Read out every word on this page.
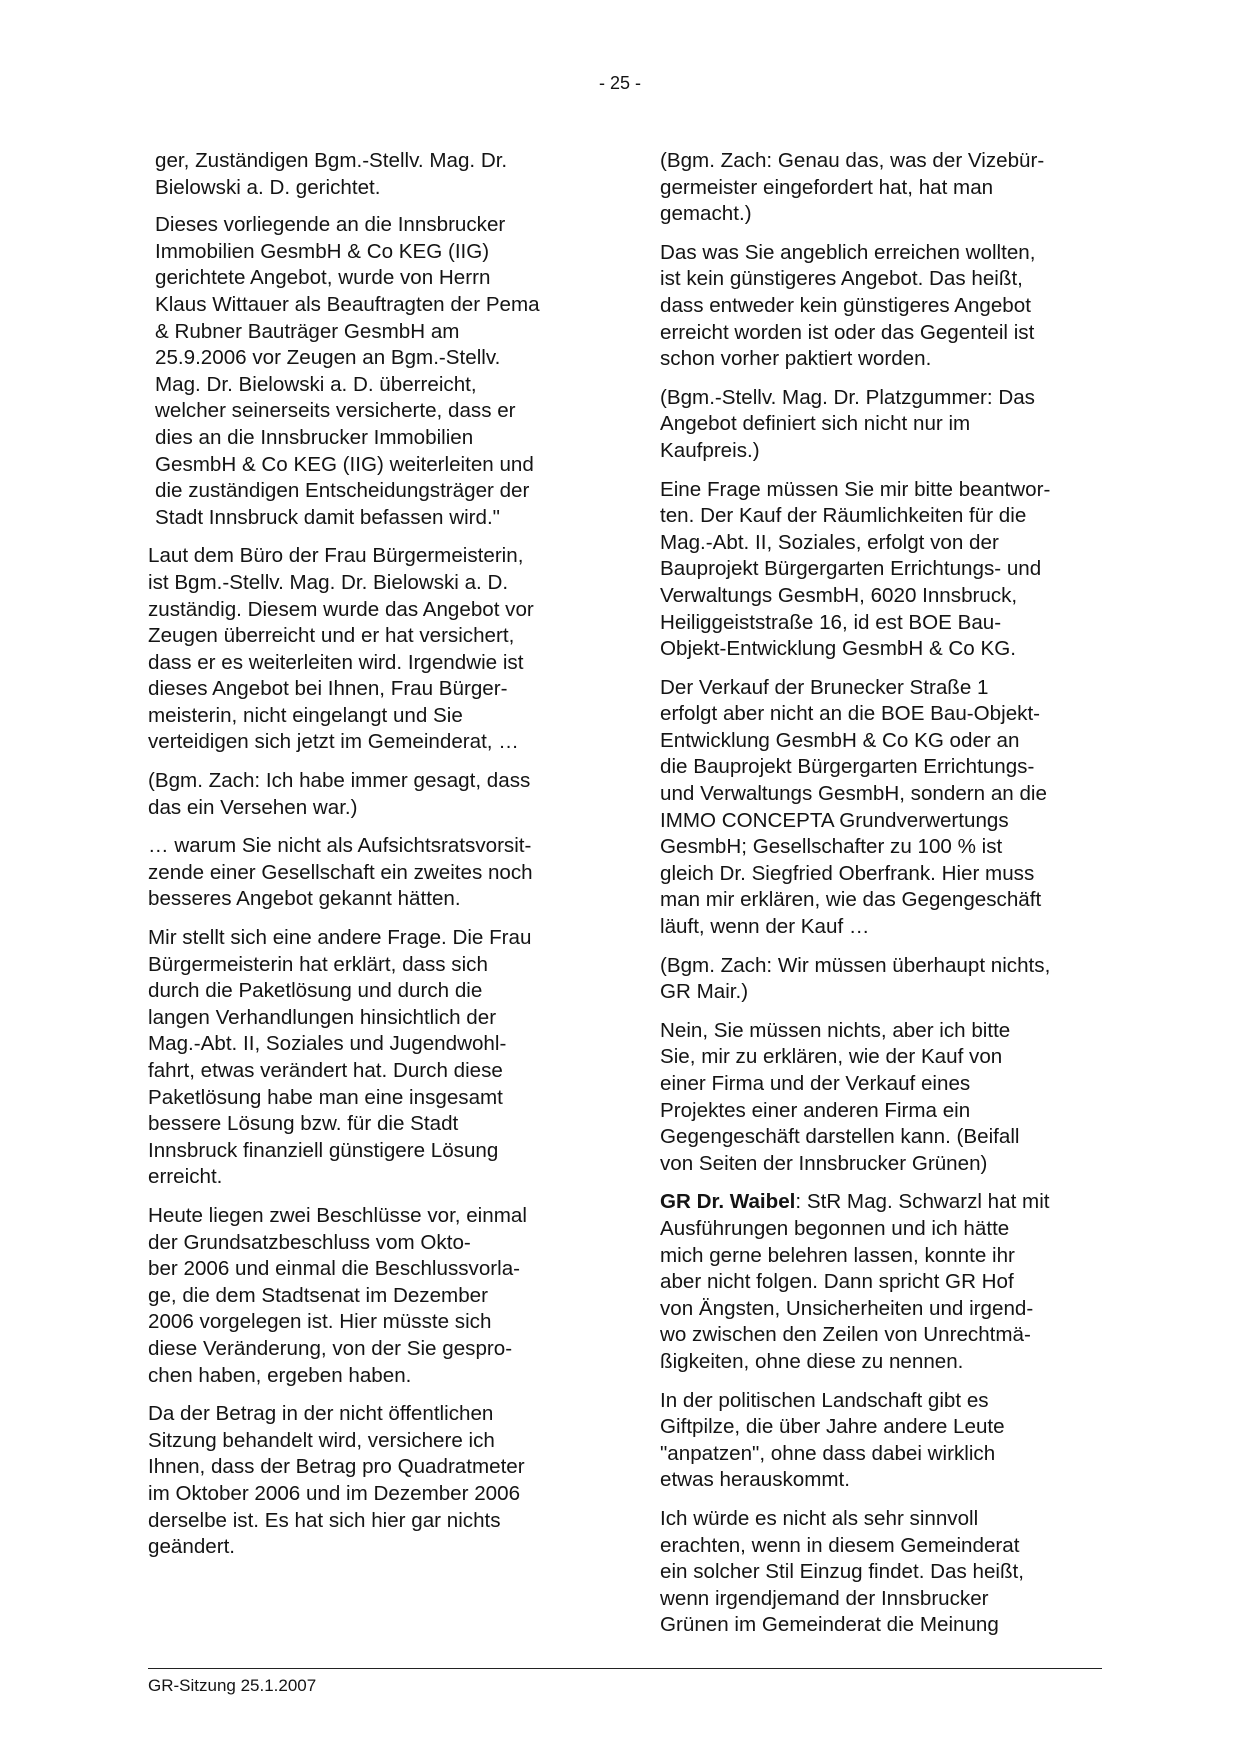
- 25 -

ger, Zuständigen Bgm.-Stellv. Mag. Dr.
Bielowski a. D. gerichtet.

Dieses vorliegende an die Innsbrucker
Immobilien GesmbH & Co KEG (IIG)
gerichtete Angebot, wurde von Herrn
Klaus Wittauer als Beauftragten der Pema
& Rubner Bauträger GesmbH am
25.9.2006 vor Zeugen an Bgm.-Stellv.
Mag. Dr. Bielowski a. D. überreicht,
welcher seinerseits versicherte, dass er
dies an die Innsbrucker Immobilien
GesmbH & Co KEG (IIG) weiterleiten und
die zuständigen Entscheidungsträger der
Stadt Innsbruck damit befassen wird."

Laut dem Büro der Frau Bürgermeisterin,
ist Bgm.-Stellv. Mag. Dr. Bielowski a. D.
zuständig. Diesem wurde das Angebot vor
Zeugen überreicht und er hat versichert,
dass er es weiterleiten wird. Irgendwie ist
dieses Angebot bei Ihnen, Frau Bürger-
meisterin, nicht eingelangt und Sie
verteidigen sich jetzt im Gemeinderat, …

(Bgm. Zach: Ich habe immer gesagt, dass
das ein Versehen war.)

… warum Sie nicht als Aufsichtsratsvorsit-
zende einer Gesellschaft ein zweites noch
besseres Angebot gekannt hätten.

Mir stellt sich eine andere Frage. Die Frau
Bürgermeisterin hat erklärt, dass sich
durch die Paketlösung und durch die
langen Verhandlungen hinsichtlich der
Mag.-Abt. II, Soziales und Jugendwohl-
fahrt, etwas verändert hat. Durch diese
Paketlösung habe man eine insgesamt
bessere Lösung bzw. für die Stadt
Innsbruck finanziell günstigere Lösung
erreicht.

Heute liegen zwei Beschlüsse vor, einmal
der Grundsatzbeschluss vom Okto-
ber 2006 und einmal die Beschlussvorla-
ge, die dem Stadtsenat im Dezember
2006 vorgelegen ist. Hier müsste sich
diese Veränderung, von der Sie gespro-
chen haben, ergeben haben.

Da der Betrag in der nicht öffentlichen
Sitzung behandelt wird, versichere ich
Ihnen, dass der Betrag pro Quadratmeter
im Oktober 2006 und im Dezember 2006
derselbe ist. Es hat sich hier gar nichts
geändert.

(Bgm. Zach: Genau das, was der Vizebür-
germeister eingefordert hat, hat man
gemacht.)

Das was Sie angeblich erreichen wollten,
ist kein günstigeres Angebot. Das heißt,
dass entweder kein günstigeres Angebot
erreicht worden ist oder das Gegenteil ist
schon vorher paktiert worden.

(Bgm.-Stellv. Mag. Dr. Platzgummer: Das
Angebot definiert sich nicht nur im
Kaufpreis.)

Eine Frage müssen Sie mir bitte beantwor-
ten. Der Kauf der Räumlichkeiten für die
Mag.-Abt. II, Soziales, erfolgt von der
Bauprojekt Bürgergarten Errichtungs- und
Verwaltungs GesmbH, 6020 Innsbruck,
Heiliggeiststraße 16, id est BOE Bau-
Objekt-Entwicklung GesmbH & Co KG.

Der Verkauf der Brunecker Straße 1
erfolgt aber nicht an die BOE Bau-Objekt-
Entwicklung GesmbH & Co KG oder an
die Bauprojekt Bürgergarten Errichtungs-
und Verwaltungs GesmbH, sondern an die
IMMO CONCEPTA Grundverwertungs
GesmbH; Gesellschafter zu 100 % ist
gleich Dr. Siegfried Oberfrank. Hier muss
man mir erklären, wie das Gegengeschäft
läuft, wenn der Kauf …

(Bgm. Zach: Wir müssen überhaupt nichts,
GR Mair.)

Nein, Sie müssen nichts, aber ich bitte
Sie, mir zu erklären, wie der Kauf von
einer Firma und der Verkauf eines
Projektes einer anderen Firma ein
Gegengeschäft darstellen kann. (Beifall
von Seiten der Innsbrucker Grünen)

GR Dr. Waibel: StR Mag. Schwarzl hat mit
Ausführungen begonnen und ich hätte
mich gerne belehren lassen, konnte ihr
aber nicht folgen. Dann spricht GR Hof
von Ängsten, Unsicherheiten und irgend-
wo zwischen den Zeilen von Unrechtmä-
ßigkeiten, ohne diese zu nennen.

In der politischen Landschaft gibt es
Giftpilze, die über Jahre andere Leute
"anpatzen", ohne dass dabei wirklich
etwas herauskommt.

Ich würde es nicht als sehr sinnvoll
erachten, wenn in diesem Gemeinderat
ein solcher Stil Einzug findet. Das heißt,
wenn irgendjemand der Innsbrucker
Grünen im Gemeinderat die Meinung

GR-Sitzung 25.1.2007
